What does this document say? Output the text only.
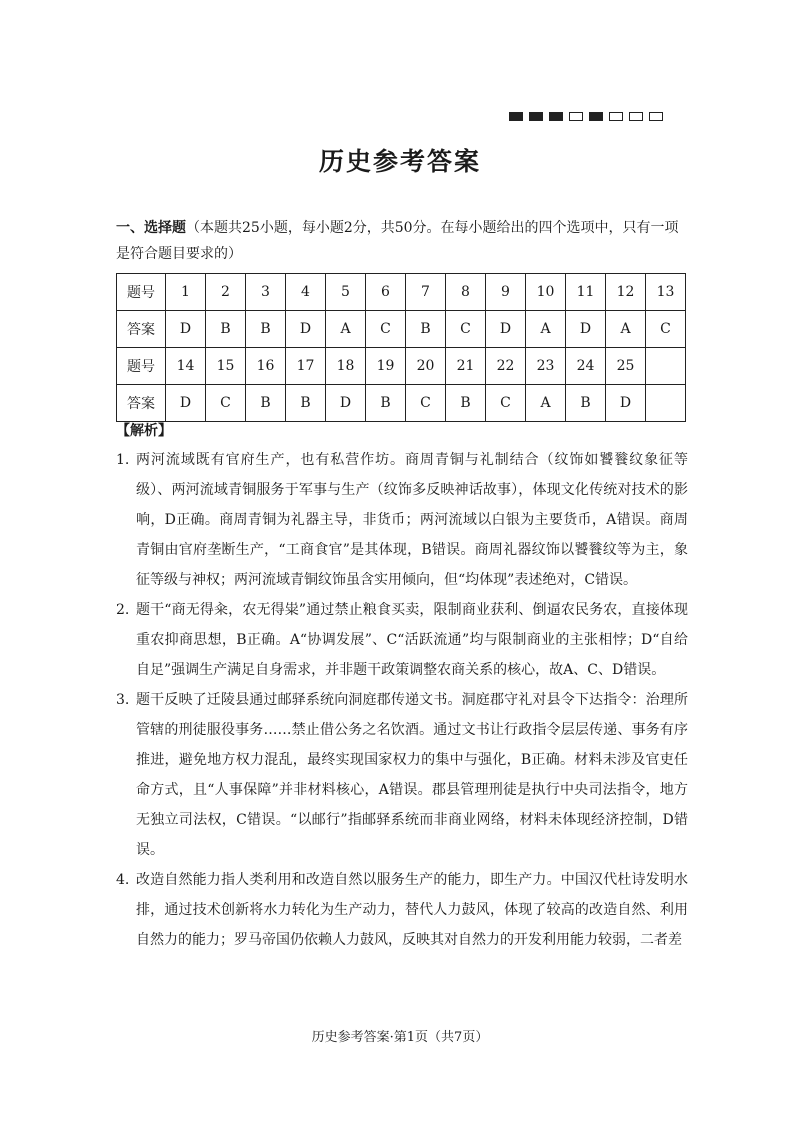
历史参考答案
一、选择题（本题共25小题，每小题2分，共50分。在每小题给出的四个选项中，只有一项是符合题目要求的）
题号	1	2	3	4	5	6	7	8	9	10	11	12	13
答案	D	B	B	D	A	C	B	C	D	A	D	A	C
题号	14	15	16	17	18	19	20	21	22	23	24	25	
答案	D	C	B	B	D	B	C	B	C	A	B	D	
【解析】
1. 两河流域既有官府生产，也有私营作坊。商周青铜与礼制结合（纹饰如饕餮纹象征等级）、两河流域青铜服务于军事与生产（纹饰多反映神话故事），体现文化传统对技术的影响，D正确。商周青铜为礼器主导，非货币；两河流域以白银为主要货币，A错误。商周青铜由官府垄断生产，“工商食官”是其体现，B错误。商周礼器纹饰以饕餮纹等为主，象征等级与神权；两河流域青铜纹饰虽含实用倾向，但“均体现”表述绝对，C错误。
2. 题干“商无得籴，农无得粜”通过禁止粮食买卖，限制商业获利、倒逼农民务农，直接体现重农抑商思想，B正确。A“协调发展”、C“活跃流通”均与限制商业的主张相悖；D“自给自足”强调生产满足自身需求，并非题干政策调整农商关系的核心，故A、C、D错误。
3. 题干反映了迁陵县通过邮驿系统向洞庭郡传递文书。洞庭郡守礼对县令下达指令：治理所管辖的刑徒服役事务……禁止借公务之名饮酒。通过文书让行政指令层层传递、事务有序推进，避免地方权力混乱，最终实现国家权力的集中与强化，B正确。材料未涉及官吏任命方式，且“人事保障”并非材料核心，A错误。郡县管理刑徒是执行中央司法指令，地方无独立司法权，C错误。“以邮行”指邮驿系统而非商业网络，材料未体现经济控制，D错误。
4. 改造自然能力指人类利用和改造自然以服务生产的能力，即生产力。中国汉代杜诗发明水排，通过技术创新将水力转化为生产动力，替代人力鼓风，体现了较高的改造自然、利用自然力的能力；罗马帝国仍依赖人力鼓风，反映其对自然力的开发利用能力较弱，二者差
历史参考答案·第1页（共7页）
